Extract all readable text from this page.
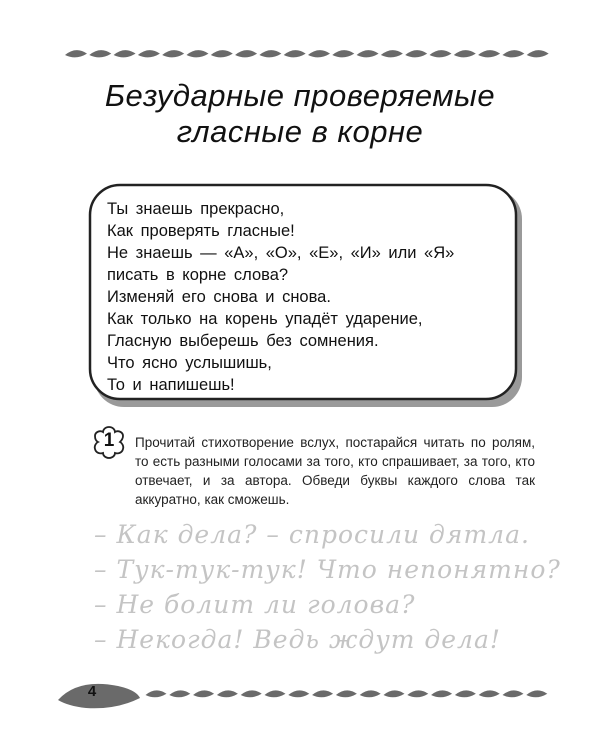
Безударные проверяемые
гласные в корне
Ты знаешь прекрасно,
Как проверять гласные!
Не знаешь — «А», «О», «Е», «И» или «Я»
писать в корне слова?
Изменяй его снова и снова.
Как только на корень упадёт ударение,
Гласную выберешь без сомнения.
Что ясно услышишь,
То и напишешь!
1	Прочитай стихотворение вслух, постарайся читать по ролям, то есть разными голосами за того, кто спрашивает, за того, кто отвечает, и за автора. Обведи буквы каждого слова так аккуратно, как сможешь.
– Как дела? – спросили дятла.
– Тук-тук-тук! Что непонятно?
– Не болит ли голова?
– Некогда! Ведь ждут дела!
4
